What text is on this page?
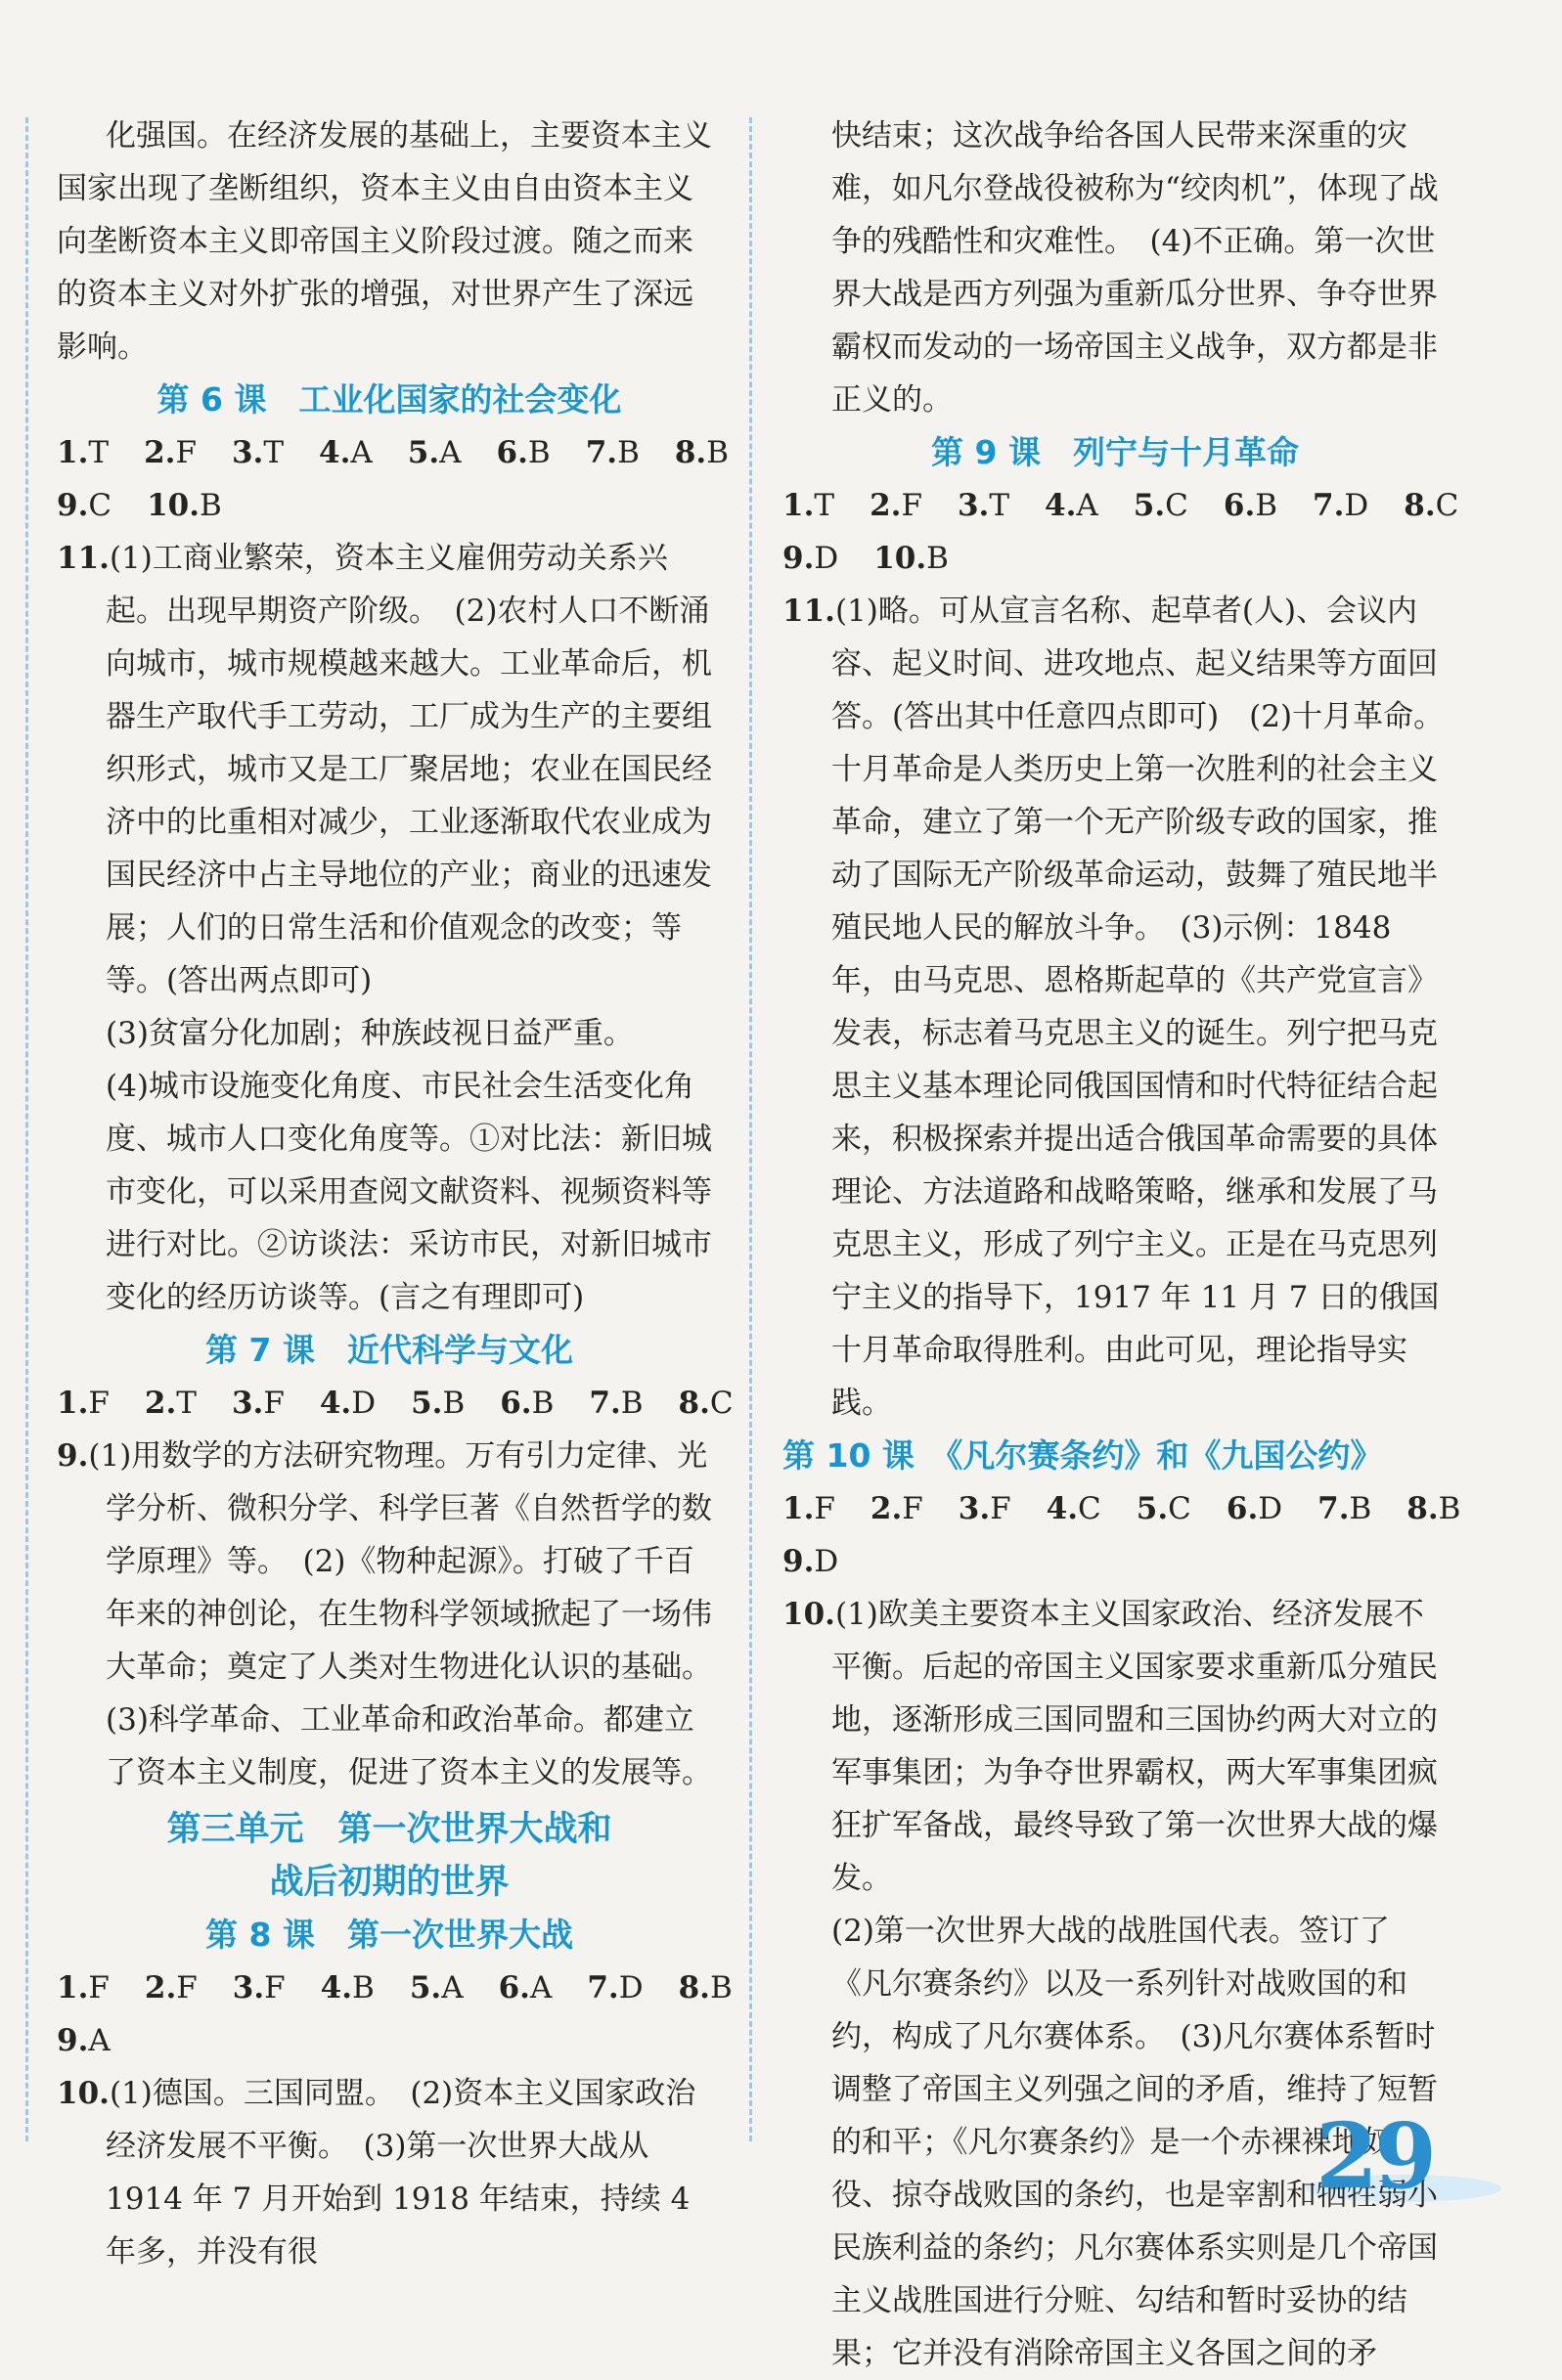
化强国。在经济发展的基础上，主要资本主义国家出现了垄断组织，资本主义由自由资本主义向垄断资本主义即帝国主义阶段过渡。随之而来的资本主义对外扩张的增强，对世界产生了深远影响。
第 6 课　工业化国家的社会变化
1.T 2.F 3.T 4.A 5.A 6.B 7.B 8.B
9.C 10.B
11.(1)工商业繁荣，资本主义雇佣劳动关系兴起。出现早期资产阶级。　(2)农村人口不断涌向城市，城市规模越来越大。工业革命后，机器生产取代手工劳动，工厂成为生产的主要组织形式，城市又是工厂聚居地；农业在国民经济中的比重相对减少，工业逐渐取代农业成为国民经济中占主导地位的产业；商业的迅速发展；人们的日常生活和价值观念的改变；等等。(答出两点即可)
(3)贫富分化加剧；种族歧视日益严重。
(4)城市设施变化角度、市民社会生活变化角度、城市人口变化角度等。①对比法：新旧城市变化，可以采用查阅文献资料、视频资料等进行对比。②访谈法：采访市民，对新旧城市变化的经历访谈等。(言之有理即可)
第 7 课　近代科学与文化
1.F 2.T 3.F 4.D 5.B 6.B 7.B 8.C
9.(1)用数学的方法研究物理。万有引力定律、光学分析、微积分学、科学巨著《自然哲学的数学原理》等。　(2)《物种起源》。打破了千百年来的神创论，在生物科学领域掀起了一场伟大革命；奠定了人类对生物进化认识的基础。　(3)科学革命、工业革命和政治革命。都建立了资本主义制度，促进了资本主义的发展等。
第三单元　第一次世界大战和
战后初期的世界
第 8 课　第一次世界大战
1.F 2.F 3.F 4.B 5.A 6.A 7.D 8.B
9.A
10.(1)德国。三国同盟。　(2)资本主义国家政治经济发展不平衡。　(3)第一次世界大战从 1914 年 7 月开始到 1918 年结束，持续 4 年多，并没有很
快结束；这次战争给各国人民带来深重的灾难，如凡尔登战役被称为“绞肉机”，体现了战争的残酷性和灾难性。　(4)不正确。第一次世界大战是西方列强为重新瓜分世界、争夺世界霸权而发动的一场帝国主义战争，双方都是非正义的。
第 9 课　列宁与十月革命
1.T 2.F 3.T 4.A 5.C 6.B 7.D 8.C
9.D 10.B
11.(1)略。可从宣言名称、起草者(人)、会议内容、起义时间、进攻地点、起义结果等方面回答。(答出其中任意四点即可)　(2)十月革命。十月革命是人类历史上第一次胜利的社会主义革命，建立了第一个无产阶级专政的国家，推动了国际无产阶级革命运动，鼓舞了殖民地半殖民地人民的解放斗争。　(3)示例：1848 年，由马克思、恩格斯起草的《共产党宣言》发表，标志着马克思主义的诞生。列宁把马克思主义基本理论同俄国国情和时代特征结合起来，积极探索并提出适合俄国革命需要的具体理论、方法道路和战略策略，继承和发展了马克思主义，形成了列宁主义。正是在马克思列宁主义的指导下，1917 年 11 月 7 日的俄国十月革命取得胜利。由此可见，理论指导实践。
第 10 课　《凡尔赛条约》和《九国公约》
1.F 2.F 3.F 4.C 5.C 6.D 7.B 8.B
9.D
10.(1)欧美主要资本主义国家政治、经济发展不平衡。后起的帝国主义国家要求重新瓜分殖民地，逐渐形成三国同盟和三国协约两大对立的军事集团；为争夺世界霸权，两大军事集团疯狂扩军备战，最终导致了第一次世界大战的爆发。
(2)第一次世界大战的战胜国代表。签订了《凡尔赛条约》以及一系列针对战败国的和约，构成了凡尔赛体系。　(3)凡尔赛体系暂时调整了帝国主义列强之间的矛盾，维持了短暂的和平；《凡尔赛条约》是一个赤裸裸地奴役、掠夺战败国的条约，也是宰割和牺牲弱小民族利益的条约；凡尔赛体系实则是几个帝国主义战胜国进行分赃、勾结和暂时妥协的结果；它并没有消除帝国主义各国之间的矛
29
